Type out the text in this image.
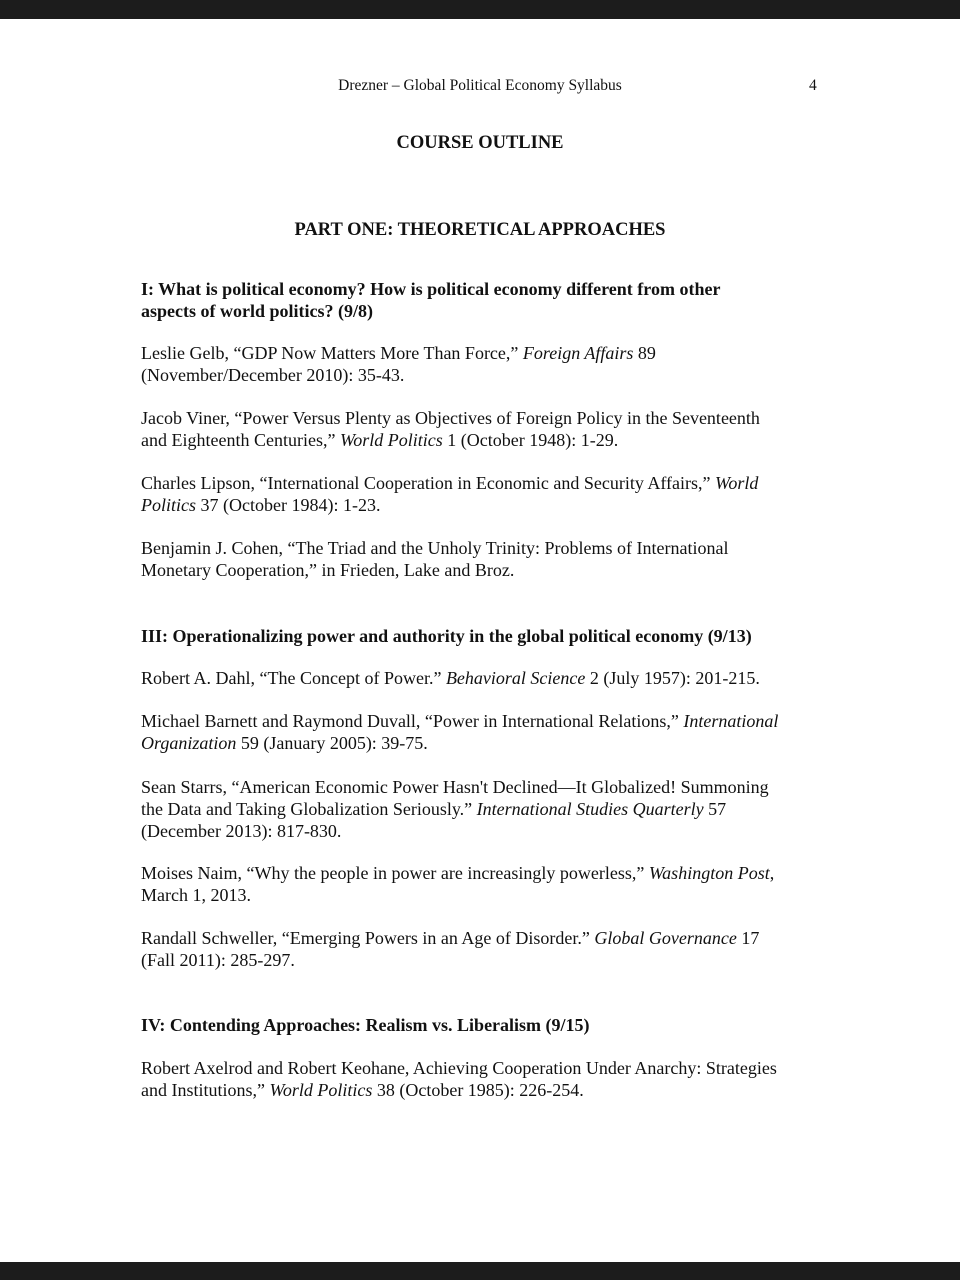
Drezner – Global Political Economy Syllabus	4
COURSE OUTLINE
PART ONE: THEORETICAL APPROACHES
I: What is political economy? How is political economy different from other
aspects of world politics? (9/8)
Leslie Gelb, “GDP Now Matters More Than Force,” Foreign Affairs 89
(November/December 2010): 35-43.
Jacob Viner, “Power Versus Plenty as Objectives of Foreign Policy in the Seventeenth
and Eighteenth Centuries,” World Politics 1 (October 1948): 1-29.
Charles Lipson, “International Cooperation in Economic and Security Affairs,” World
Politics 37 (October 1984): 1-23.
Benjamin J. Cohen, “The Triad and the Unholy Trinity: Problems of International
Monetary Cooperation,” in Frieden, Lake and Broz.
III: Operationalizing power and authority in the global political economy (9/13)
Robert A. Dahl, “The Concept of Power.” Behavioral Science 2 (July 1957): 201-215.
Michael Barnett and Raymond Duvall, “Power in International Relations,” International
Organization 59 (January 2005): 39-75.
Sean Starrs, “American Economic Power Hasn't Declined—It Globalized! Summoning
the Data and Taking Globalization Seriously.” International Studies Quarterly 57
(December 2013): 817-830.
Moises Naim, “Why the people in power are increasingly powerless,” Washington Post,
March 1, 2013.
Randall Schweller, “Emerging Powers in an Age of Disorder.” Global Governance 17
(Fall 2011): 285-297.
IV: Contending Approaches: Realism vs. Liberalism (9/15)
Robert Axelrod and Robert Keohane, Achieving Cooperation Under Anarchy: Strategies
and Institutions,” World Politics 38 (October 1985): 226-254.
